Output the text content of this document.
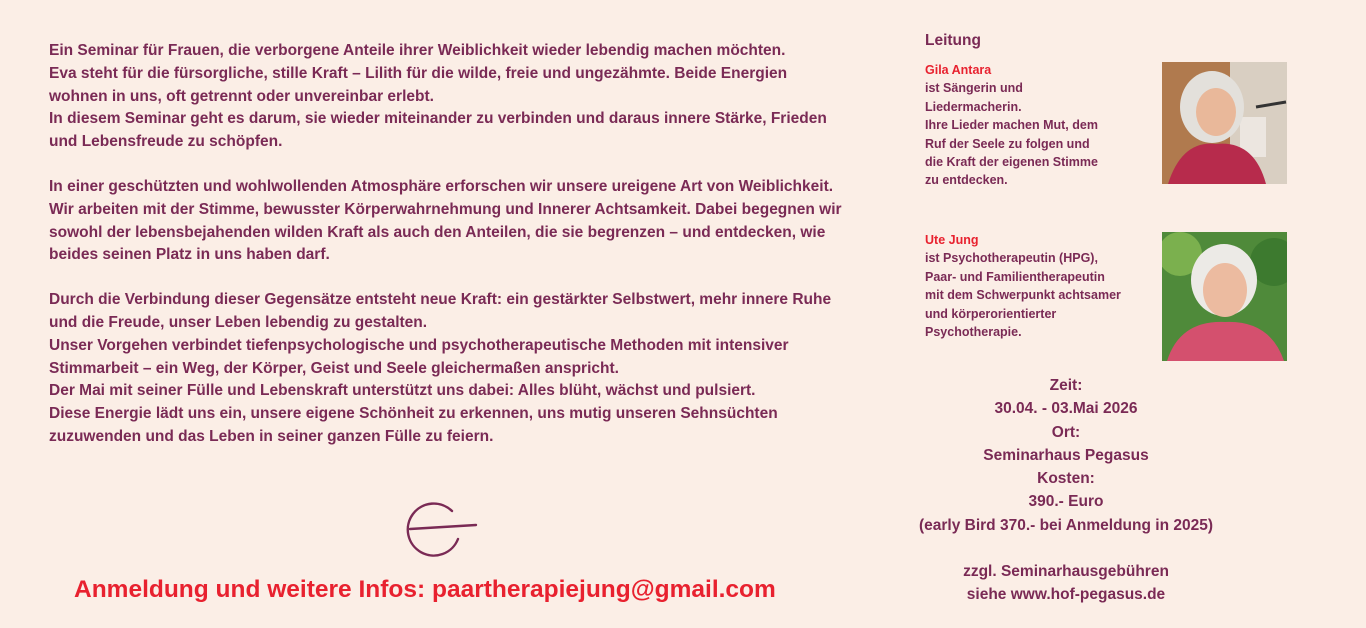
Ein Seminar für Frauen, die verborgene Anteile ihrer Weiblichkeit wieder lebendig machen möchten.

Eva steht für die fürsorgliche, stille Kraft – Lilith für die wilde, freie und ungezähmte. Beide Energien wohnen in uns, oft getrennt oder unvereinbar erlebt.

In diesem Seminar geht es darum, sie wieder miteinander zu verbinden und daraus innere Stärke, Frieden und Lebensfreude zu schöpfen.

In einer geschützten und wohlwollenden Atmosphäre erforschen wir unsere ureigene Art von Weiblichkeit. Wir arbeiten mit der Stimme, bewusster Körperwahrnehmung und Innerer Achtsamkeit. Dabei begegnen wir sowohl der lebensbejahenden wilden Kraft als auch den Anteilen, die sie begrenzen – und entdecken, wie beides seinen Platz in uns haben darf.

Durch die Verbindung dieser Gegensätze entsteht neue Kraft: ein gestärkter Selbstwert, mehr innere Ruhe und die Freude, unser Leben lebendig zu gestalten.

Unser Vorgehen verbindet tiefenpsychologische und psychotherapeutische Methoden mit intensiver Stimmarbeit – ein Weg, der Körper, Geist und Seele gleichermaßen anspricht.

Der Mai mit seiner Fülle und Lebenskraft unterstützt uns dabei: Alles blüht, wächst und pulsiert.

Diese Energie lädt uns ein, unsere eigene Schönheit zu erkennen, uns mutig unseren Sehnsüchten zuzuwenden und das Leben in seiner ganzen Fülle zu feiern.

Anmeldung und weitere Infos: paartherapiejung@gmail.com
Leitung

Gila Antara

ist Sängerin und

Liedermacherin.

Ihre Lieder machen Mut, dem

Ruf der Seele zu folgen und

die Kraft der eigenen Stimme

zu entdecken.

Ute Jung

ist Psychotherapeutin (HPG),

Paar- und Familientherapeutin

mit dem Schwerpunkt achtsamer

und körperorientierter

Psychotherapie.

Zeit:

30.04. - 03.Mai 2026

Ort:

Seminarhaus Pegasus

Kosten:

390.- Euro

(early Bird 370.- bei Anmeldung in 2025)

zzgl. Seminarhausgebühren

siehe www.hof-pegasus.de
